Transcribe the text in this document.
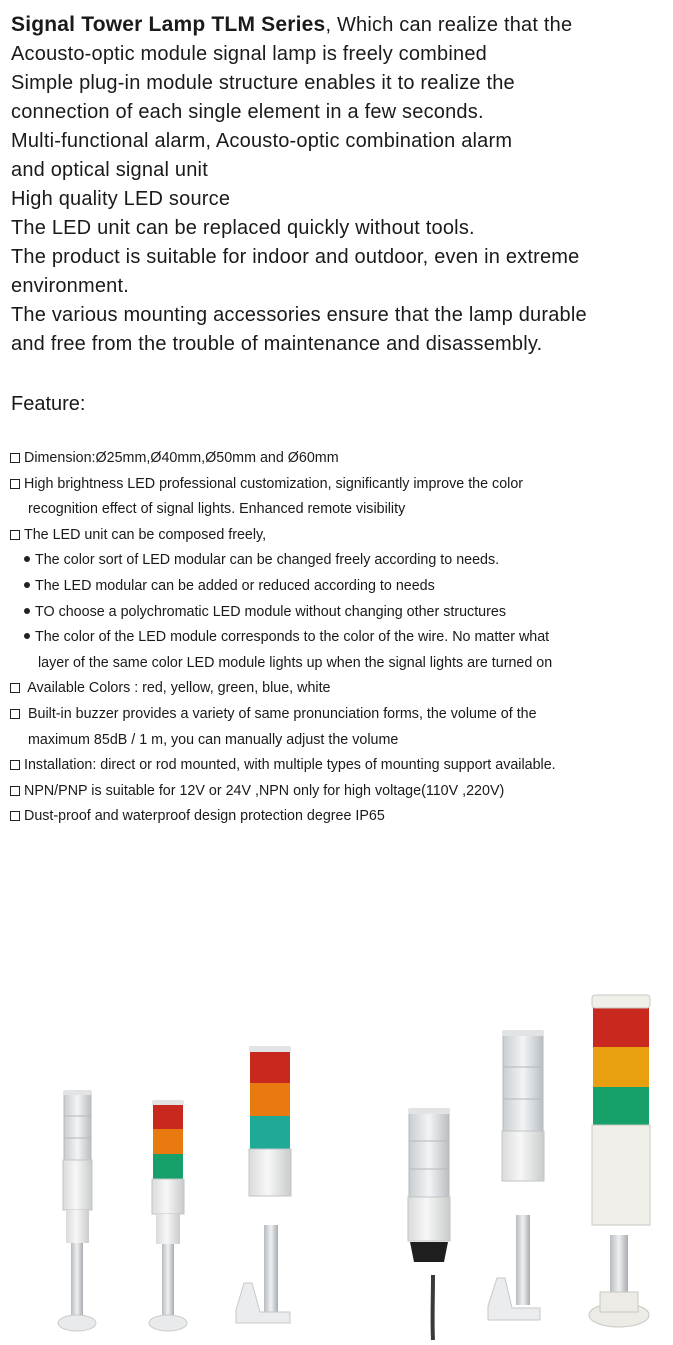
Signal Tower Lamp TLM Series, Which can realize that the
Acousto-optic module signal lamp is freely combined
Simple plug-in module structure enables it to realize the
connection of each single element in a few seconds.
Multi-functional alarm, Acousto-optic combination alarm
and optical signal unit
High quality LED source
The LED unit can be replaced quickly without tools.
The product is suitable for indoor and outdoor, even in extreme
environment.
The various mounting accessories ensure that the lamp durable
and free from the trouble of maintenance and disassembly.
Feature:
Dimension:Ø25mm,Ø40mm,Ø50mm and Ø60mm
High brightness LED professional customization, significantly improve the color
recognition effect of signal lights. Enhanced remote visibility
The LED unit can be composed freely,
The color sort of LED modular can be changed freely according to needs.
The LED modular can be added or reduced according to needs
TO choose a polychromatic LED module without changing other structures
The color of the LED module corresponds to the color of the wire. No matter what
layer of the same color LED module lights up when the signal lights are turned on
Available Colors : red, yellow, green, blue, white
Built-in buzzer provides a variety of same pronunciation forms, the volume of the
maximum 85dB / 1 m, you can manually adjust the volume
Installation: direct or rod mounted, with multiple types of mounting support available.
NPN/PNP is suitable for 12V or 24V ,NPN only for high voltage(110V ,220V)
Dust-proof and waterproof design protection degree IP65
